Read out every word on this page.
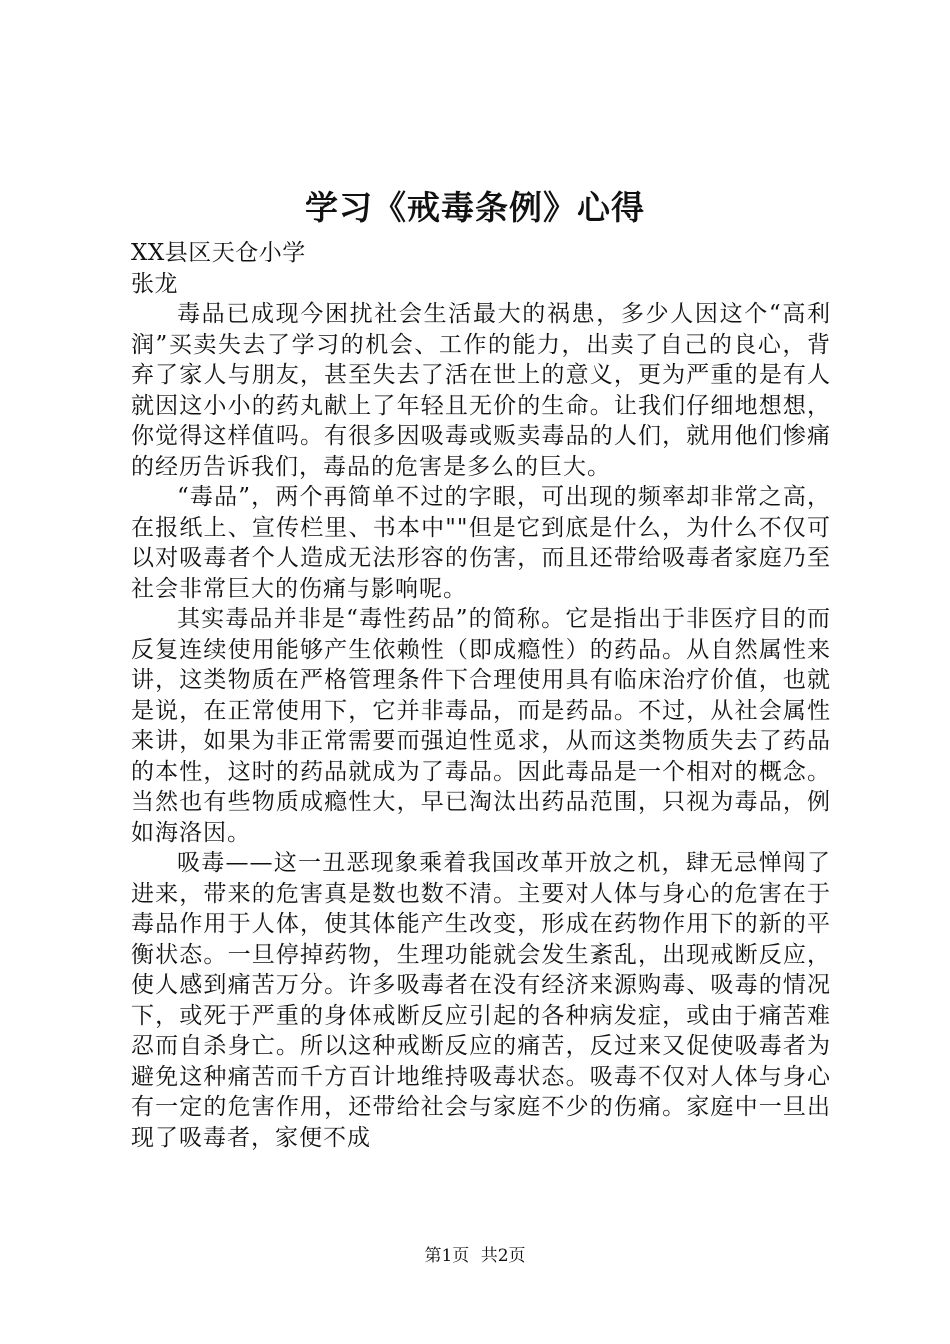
学习《戒毒条例》心得

XX县区天仓小学

张龙

毒品已成现今困扰社会生活最大的祸患，多少人因这个“高利润”买卖失去了学习的机会、工作的能力，出卖了自己的良心，背弃了家人与朋友，甚至失去了活在世上的意义，更为严重的是有人就因这小小的药丸献上了年轻且无价的生命。让我们仔细地想想，你觉得这样值吗。有很多因吸毒或贩卖毒品的人们，就用他们惨痛的经历告诉我们，毒品的危害是多么的巨大。

“毒品”，两个再简单不过的字眼，可出现的频率却非常之高，在报纸上、宣传栏里、书本中""但是它到底是什么，为什么不仅可以对吸毒者个人造成无法形容的伤害，而且还带给吸毒者家庭乃至社会非常巨大的伤痛与影响呢。

其实毒品并非是“毒性药品”的简称。它是指出于非医疗目的而反复连续使用能够产生依赖性（即成瘾性）的药品。从自然属性来讲，这类物质在严格管理条件下合理使用具有临床治疗价值，也就是说，在正常使用下，它并非毒品，而是药品。不过，从社会属性来讲，如果为非正常需要而强迫性觅求，从而这类物质失去了药品的本性，这时的药品就成为了毒品。因此毒品是一个相对的概念。当然也有些物质成瘾性大，早已淘汰出药品范围，只视为毒品，例如海洛因。

吸毒——这一丑恶现象乘着我国改革开放之机，肆无忌惮闯了进来，带来的危害真是数也数不清。主要对人体与身心的危害在于毒品作用于人体，使其体能产生改变，形成在药物作用下的新的平衡状态。一旦停掉药物，生理功能就会发生紊乱，出现戒断反应，使人感到痛苦万分。许多吸毒者在没有经济来源购毒、吸毒的情况下，或死于严重的身体戒断反应引起的各种病发症，或由于痛苦难忍而自杀身亡。所以这种戒断反应的痛苦，反过来又促使吸毒者为避免这种痛苦而千方百计地维持吸毒状态。吸毒不仅对人体与身心有一定的危害作用，还带给社会与家庭不少的伤痛。家庭中一旦出现了吸毒者，家便不成

第1页 共2页
